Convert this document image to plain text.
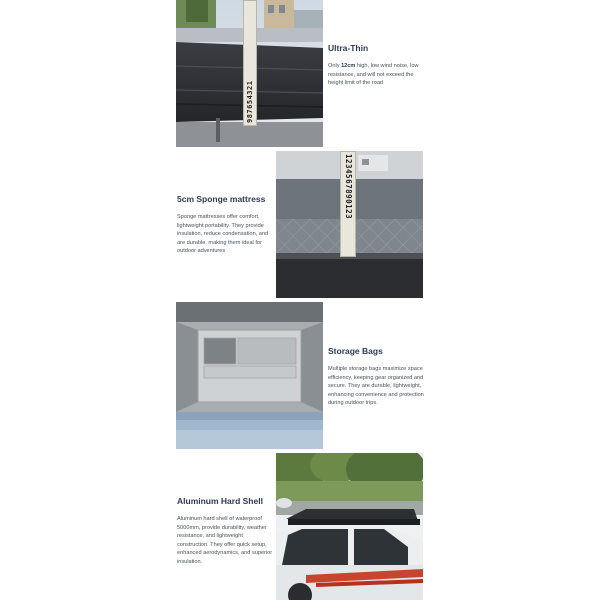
987654321
Ultra-Thin

Only 12cm high, low wind noise, low resistance, and will not exceed the height limit of the road

5cm Sponge mattress

Sponge mattresses offer comfort, lightweight portability. They provide insulation, reduce condensation, and are durable, making them ideal for outdoor adventures

1234567890123
Storage Bags

Multiple storage bags maximize space efficiency, keeping gear organized and secure. They are durable, lightweight, enhancing convenience and protection during outdoor trips.

Aluminum Hard Shell

Aluminum hard shell of waterproof 5000mm, provide durability, weather resistance, and lightweight construction. They offer quick setup, enhanced aerodynamics, and superior insulation.
